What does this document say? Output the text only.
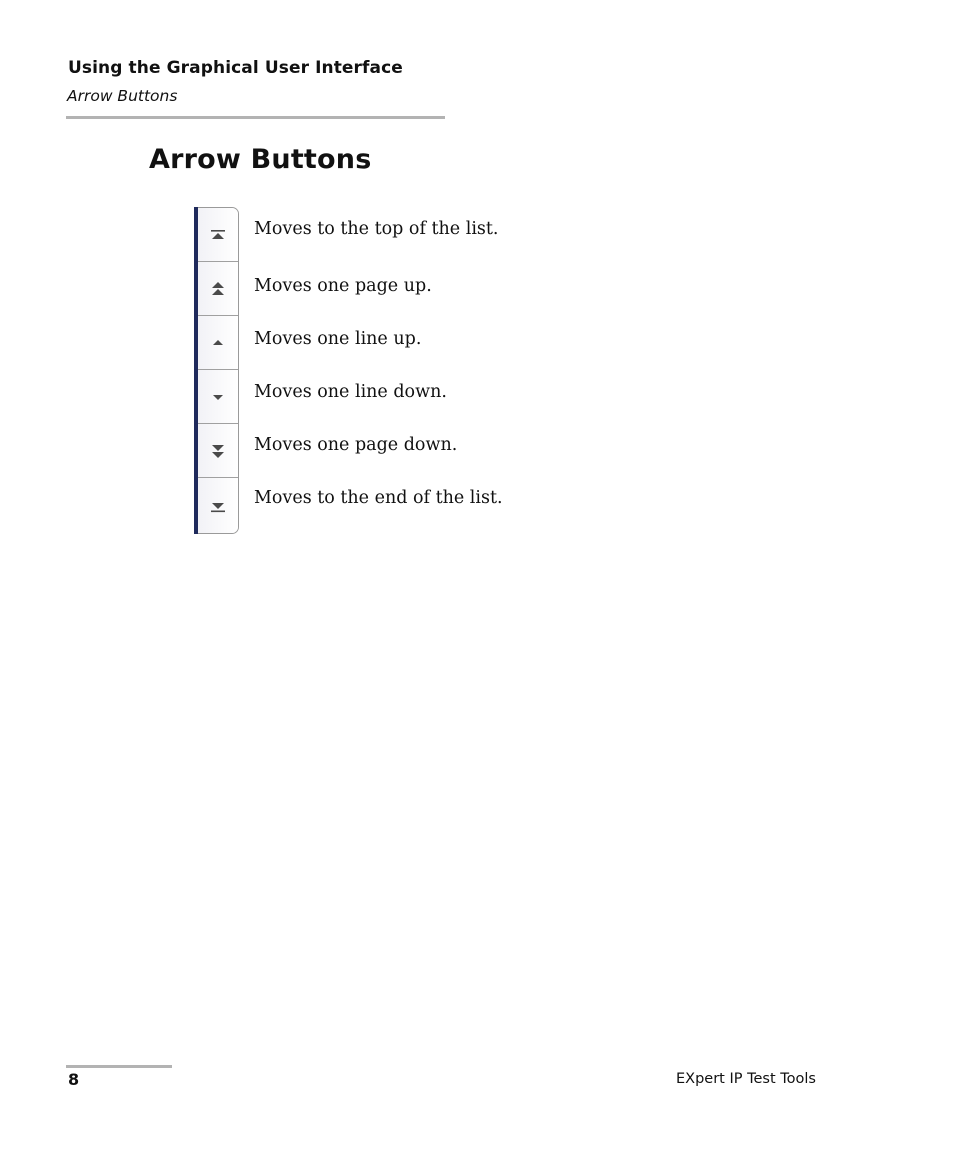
Using the Graphical User Interface
Arrow Buttons
Arrow Buttons
Moves to the top of the list.
Moves one page up.
Moves one line up.
Moves one line down.
Moves one page down.
Moves to the end of the list.
8	EXpert IP Test Tools
